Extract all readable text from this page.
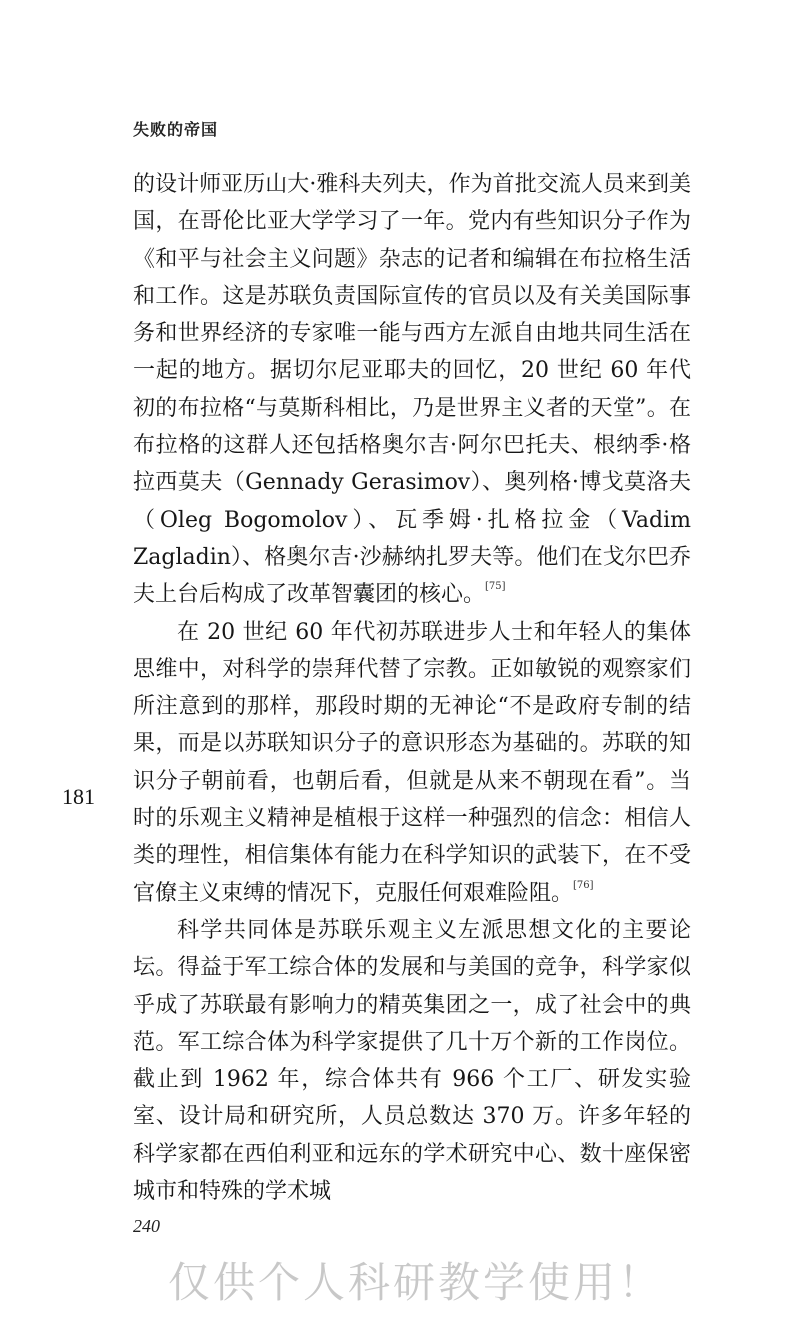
失败的帝国

的设计师亚历山大·雅科夫列夫，作为首批交流人员来到美国，在哥伦比亚大学学习了一年。党内有些知识分子作为《和平与社会主义问题》杂志的记者和编辑在布拉格生活和工作。这是苏联负责国际宣传的官员以及有关美国际事务和世界经济的专家唯一能与西方左派自由地共同生活在一起的地方。据切尔尼亚耶夫的回忆，20 世纪 60 年代初的布拉格“与莫斯科相比，乃是世界主义者的天堂”。在布拉格的这群人还包括格奥尔吉·阿尔巴托夫、根纳季·格拉西莫夫（Gennady Gerasimov）、奥列格·博戈莫洛夫（Oleg Bogomolov）、瓦季姆·扎格拉金（Vadim Zagladin）、格奥尔吉·沙赫纳扎罗夫等。他们在戈尔巴乔夫上台后构成了改革智囊团的核心。[75]

在 20 世纪 60 年代初苏联进步人士和年轻人的集体思维中，对科学的崇拜代替了宗教。正如敏锐的观察家们所注意到的那样，那段时期的无神论“不是政府专制的结果，而是以苏联知识分子的意识形态为基础的。苏联的知识分子朝前看，也朝后看，但就是从来不朝现在看”。当时的乐观主义精神是植根于这样一种强烈的信念：相信人类的理性，相信集体有能力在科学知识的武装下，在不受官僚主义束缚的情况下，克服任何艰难险阻。[76]

科学共同体是苏联乐观主义左派思想文化的主要论坛。得益于军工综合体的发展和与美国的竞争，科学家似乎成了苏联最有影响力的精英集团之一，成了社会中的典范。军工综合体为科学家提供了几十万个新的工作岗位。截止到 1962 年，综合体共有 966 个工厂、研发实验室、设计局和研究所，人员总数达 370 万。许多年轻的科学家都在西伯利亚和远东的学术研究中心、数十座保密城市和特殊的学术城

181
240
仅供个人科研教学使用！
